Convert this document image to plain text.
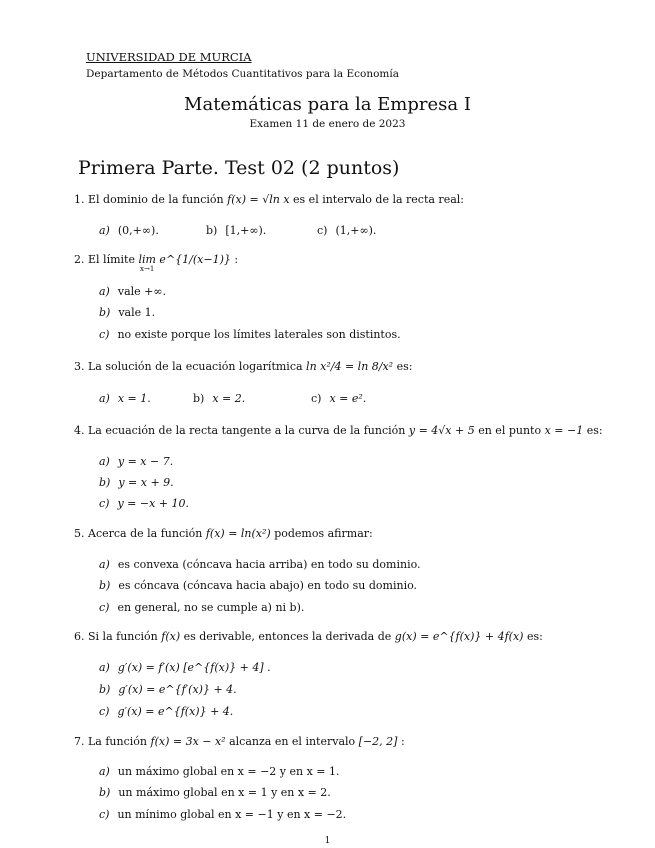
UNIVERSIDAD DE MURCIA
Departamento de Métodos Cuantitativos para la Economía
Matemáticas para la Empresa I
Examen 11 de enero de 2023
Primera Parte. Test 02 (2 puntos)
1. El dominio de la función f(x) = √ln x es el intervalo de la recta real:
a) (0,+∞).	b) [1,+∞).	c) (1,+∞).
2. El límite lim e^{1/(x−1)} :
x→1
a) vale +∞.
b) vale 1.
c) no existe porque los límites laterales son distintos.
3. La solución de la ecuación logarítmica ln x²/4 = ln 8/x² es:
a) x = 1.	b) x = 2.	c) x = e².
4. La ecuación de la recta tangente a la curva de la función y = 4√x + 5 en el punto x = −1 es:
a) y = x − 7.
b) y = x + 9.
c) y = −x + 10.
5. Acerca de la función f(x) = ln(x²) podemos afirmar:
a) es convexa (cóncava hacia arriba) en todo su dominio.
b) es cóncava (cóncava hacia abajo) en todo su dominio.
c) en general, no se cumple a) ni b).
6. Si la función f(x) es derivable, entonces la derivada de g(x) = e^{f(x)} + 4f(x) es:
a) g′(x) = f′(x) [e^{f(x)} + 4] .
b) g′(x) = e^{f′(x)} + 4.
c) g′(x) = e^{f(x)} + 4.
7. La función f(x) = 3x − x² alcanza en el intervalo [−2, 2] :
a) un máximo global en x = −2 y en x = 1.
b) un máximo global en x = 1 y en x = 2.
c) un mínimo global en x = −1 y en x = −2.
1
